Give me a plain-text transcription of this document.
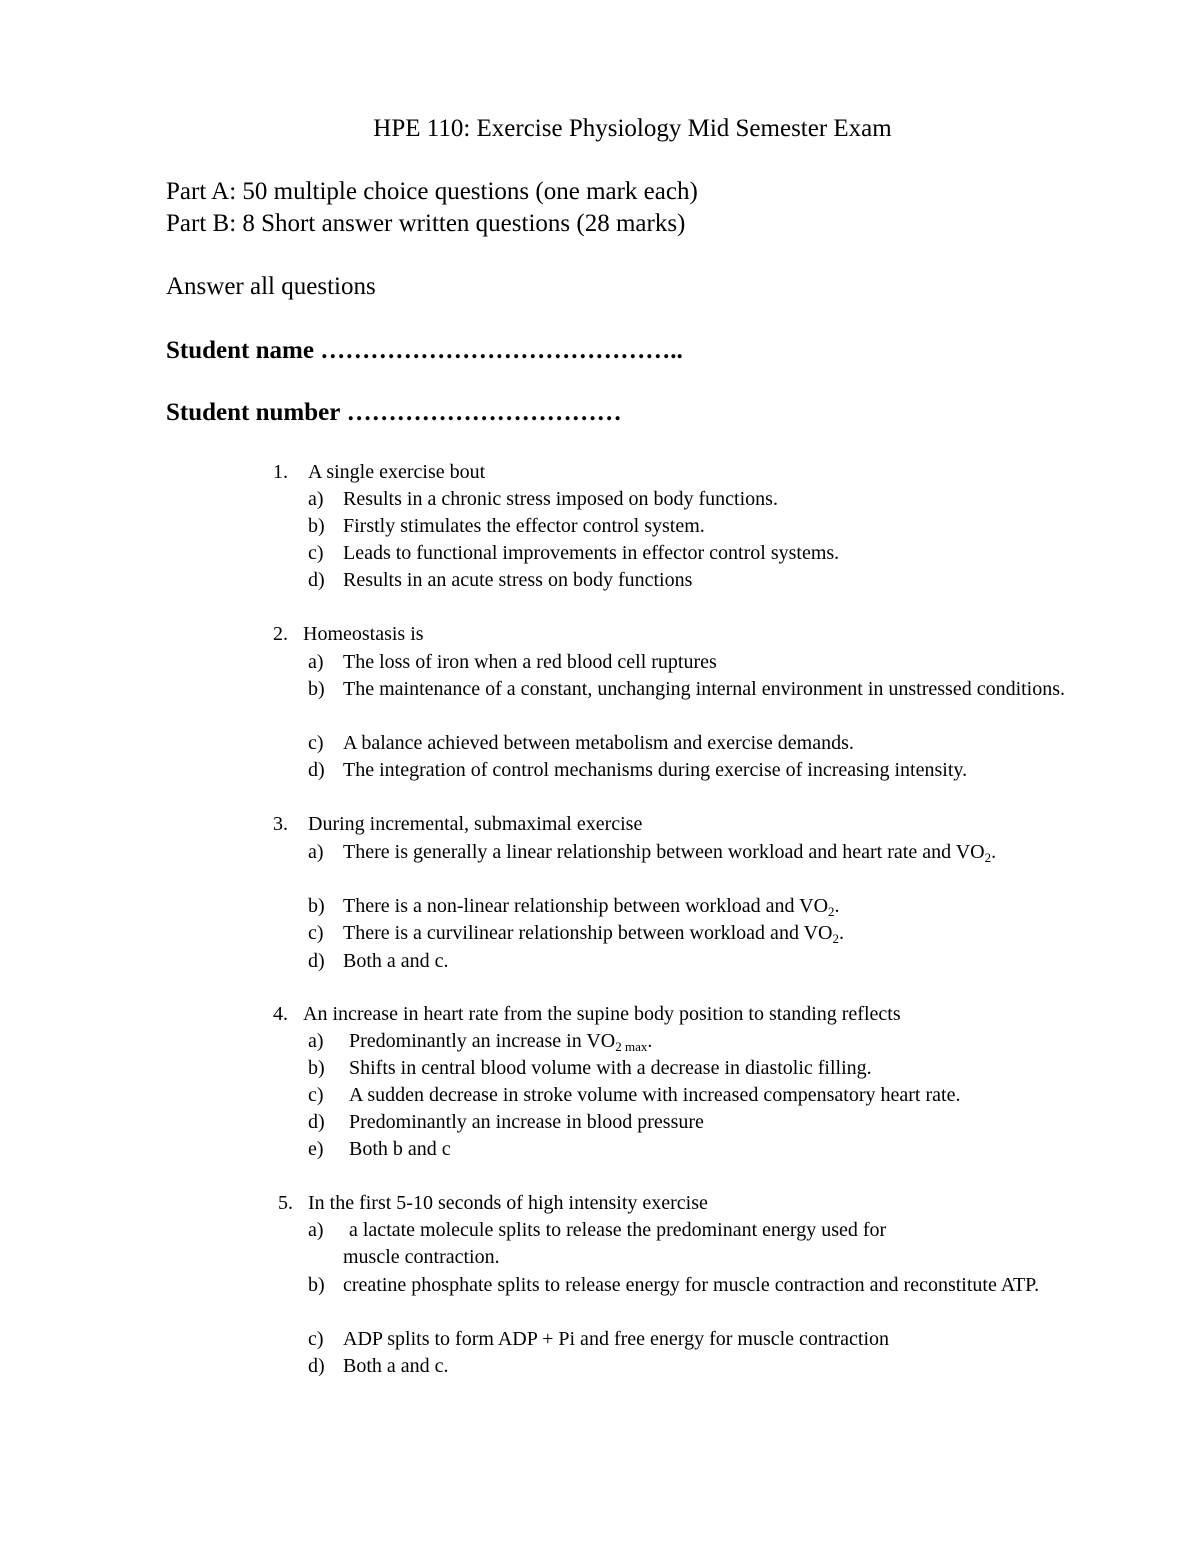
HPE 110: Exercise Physiology Mid Semester Exam

Part A: 50 multiple choice questions (one mark each)

Part B: 8 Short answer written questions (28 marks)

Answer all questions

Student name ……………………………………..

Student number ……………………………

1. A single exercise bout
a) Results in a chronic stress imposed on body functions.
b) Firstly stimulates the effector control system.
c) Leads to functional improvements in effector control systems.
d) Results in an acute stress on body functions
2. Homeostasis is
a) The loss of iron when a red blood cell ruptures
b) The maintenance of a constant, unchanging internal environment in unstressed conditions.
c) A balance achieved between metabolism and exercise demands.
d) The integration of control mechanisms during exercise of increasing intensity.
3. During incremental, submaximal exercise
a) There is generally a linear relationship between workload and heart rate and $VO_2$.
b) There is a non-linear relationship between workload and $VO_2$.
c) There is a curvilinear relationship between workload and $VO_2$.
d) Both a and c.
4. An increase in heart rate from the supine body position to standing reflects
a) Predominantly an increase in $VO_{2 max}$.
b) Shifts in central blood volume with a decrease in diastolic filling.
c) A sudden decrease in stroke volume with increased compensatory heart rate.
d) Predominantly an increase in blood pressure
e) Both b and c
5. In the first 5-10 seconds of high intensity exercise
a) a lactate molecule splits to release the predominant energy used for
muscle contraction.
b) creatine phosphate splits to release energy for muscle contraction and reconstitute ATP.
c) ADP splits to form ADP + Pi and free energy for muscle contraction
d) Both a and c.
